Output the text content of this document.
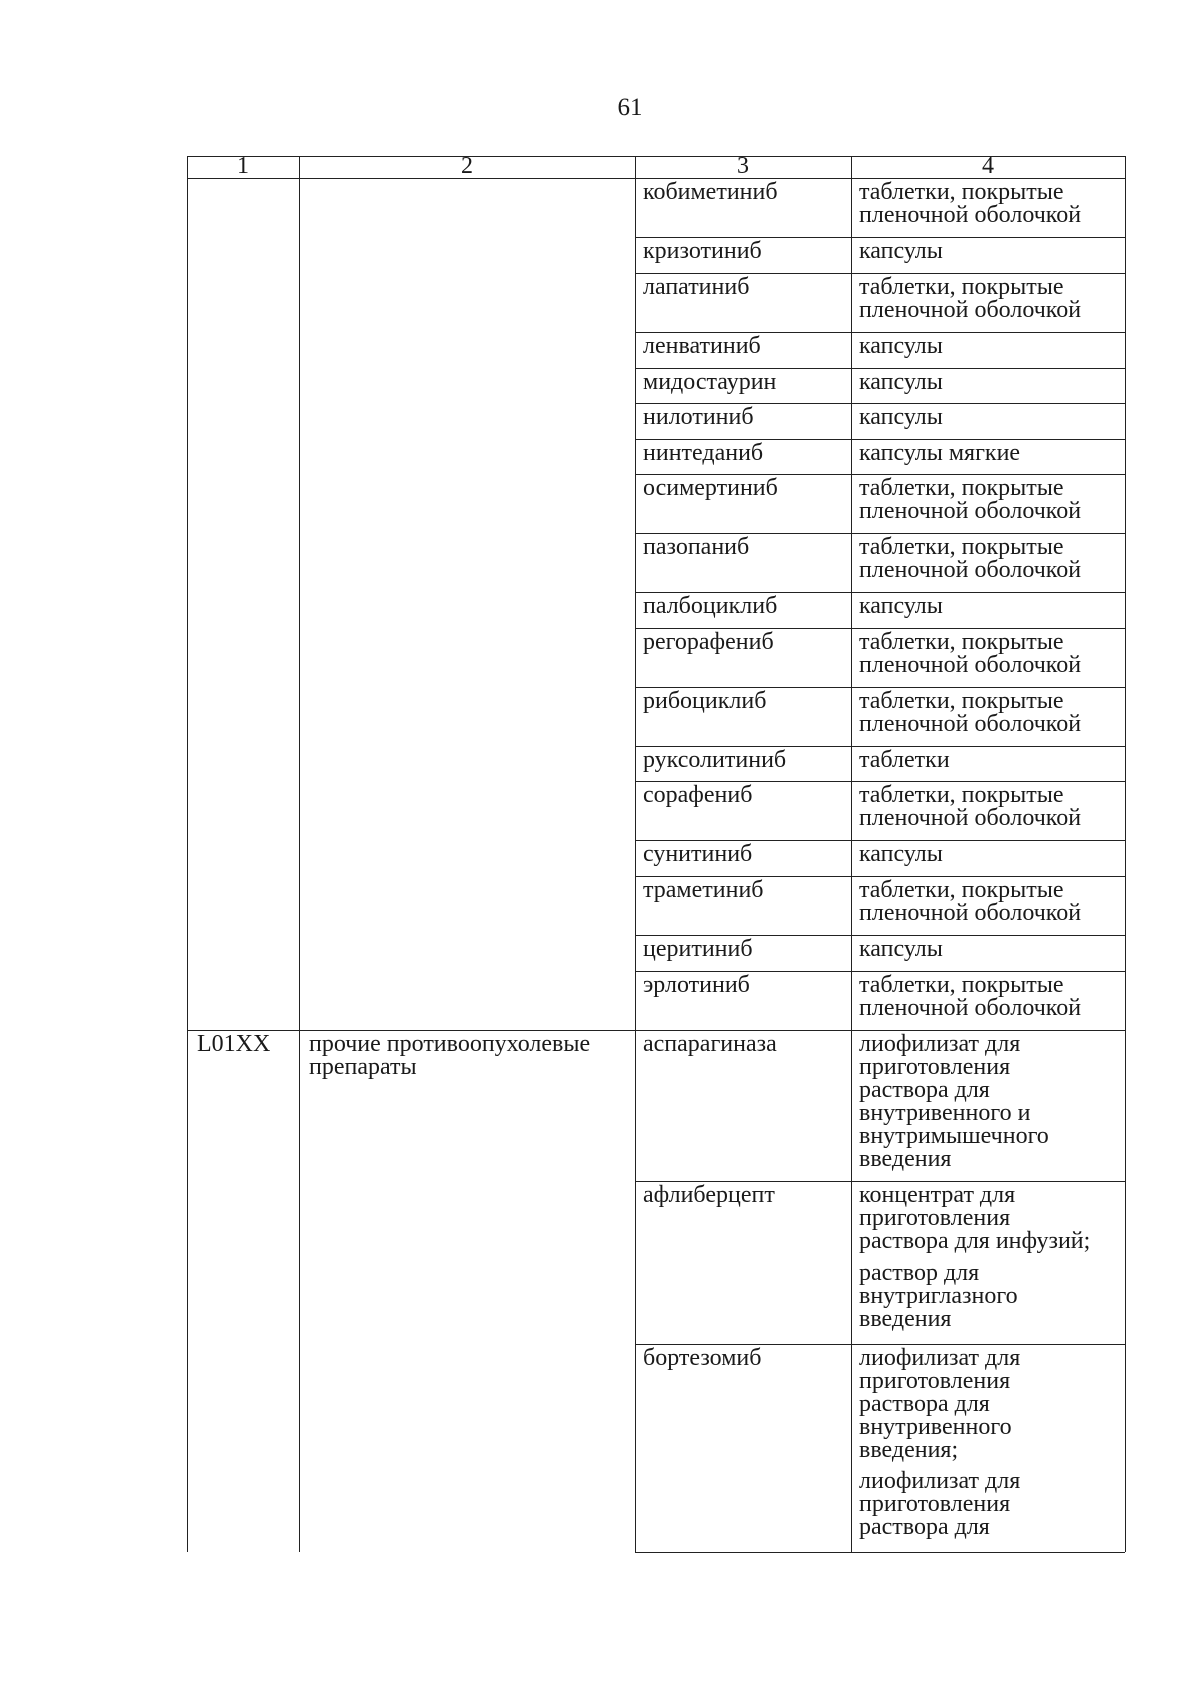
61
1	2	3	4
кобиметиниб	таблетки, покрытые
пленочной оболочкой
кризотиниб	капсулы
лапатиниб	таблетки, покрытые
пленочной оболочкой
ленватиниб	капсулы
мидостаурин	капсулы
нилотиниб	капсулы
нинтеданиб	капсулы мягкие
осимертиниб	таблетки, покрытые
пленочной оболочкой
пазопаниб	таблетки, покрытые
пленочной оболочкой
палбоциклиб	капсулы
регорафениб	таблетки, покрытые
пленочной оболочкой
рибоциклиб	таблетки, покрытые
пленочной оболочкой
руксолитиниб	таблетки
сорафениб	таблетки, покрытые
пленочной оболочкой
сунитиниб	капсулы
траметиниб	таблетки, покрытые
пленочной оболочкой
церитиниб	капсулы
эрлотиниб	таблетки, покрытые
пленочной оболочкой
L01XX	прочие противоопухолевые
препараты
аспарагиназа	лиофилизат для
приготовления
раствора для
внутривенного и
внутримышечного
введения
афлиберцепт	концентрат для
приготовления
раствора для инфузий;
раствор для
внутриглазного
введения
бортезомиб	лиофилизат для
приготовления
раствора для
внутривенного
введения;
лиофилизат для
приготовления
раствора для
